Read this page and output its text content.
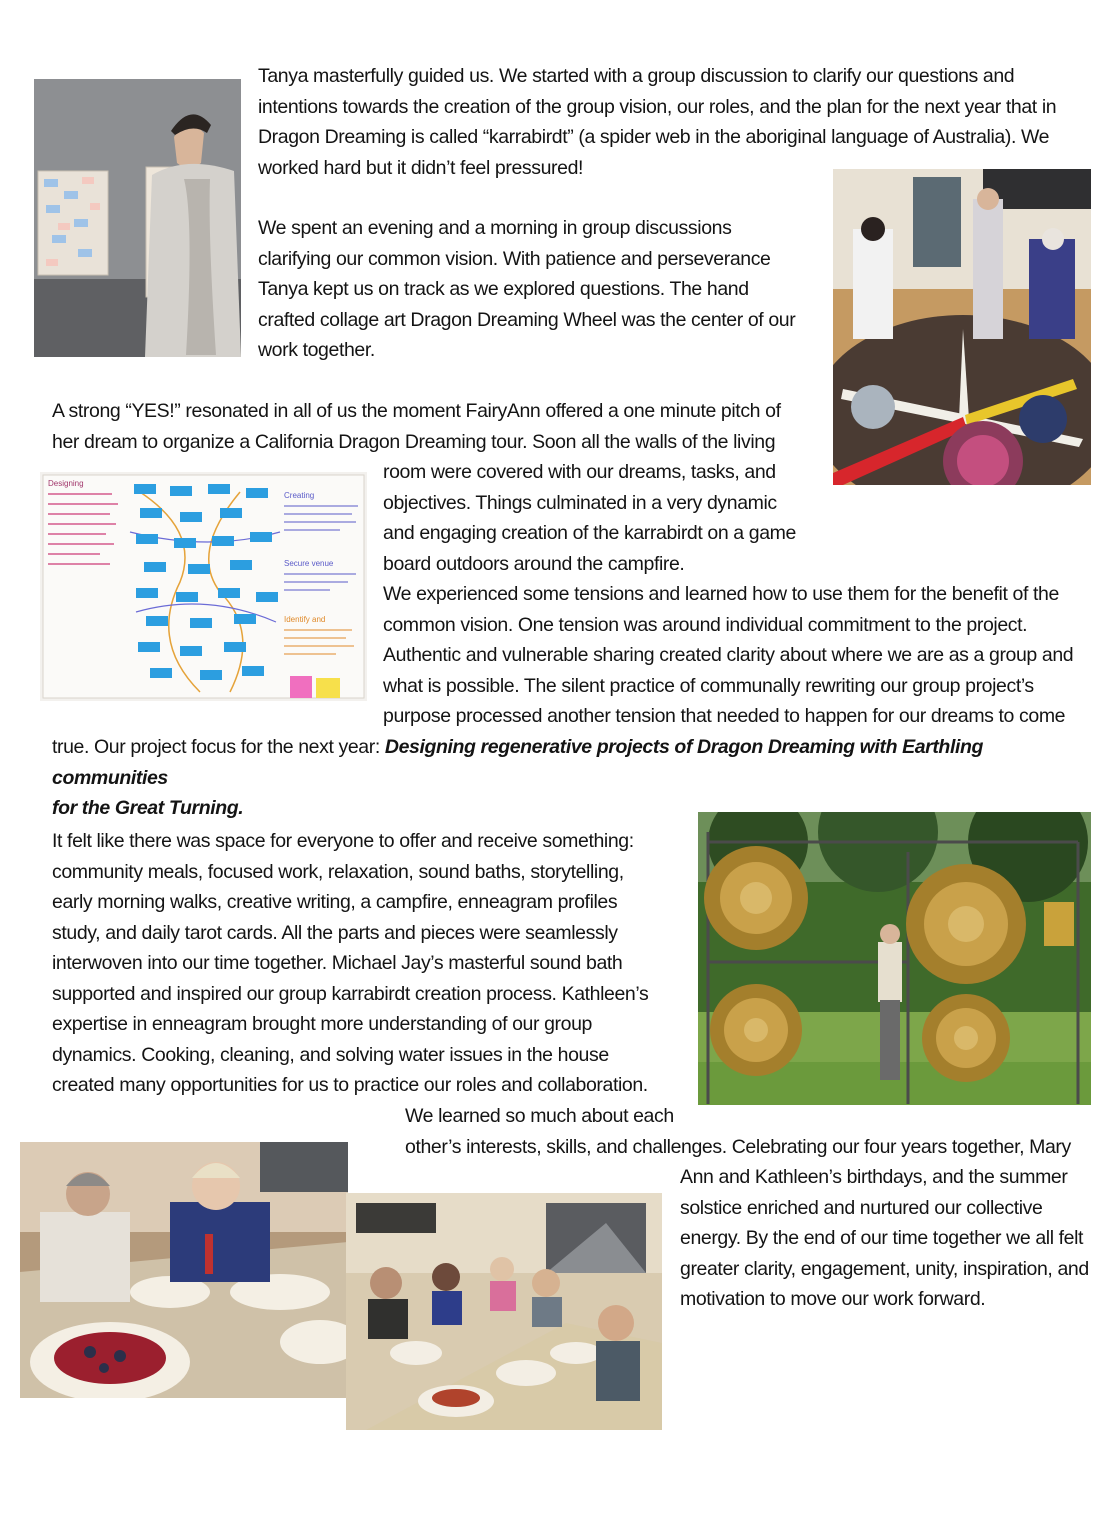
Designing
Creating
Secure venue
Identify and
Tanya masterfully guided us. We started with a group discussion to clarify our questions and
intentions towards the creation of the group vision, our roles, and the plan for the next year that in
Dragon Dreaming is called “karrabirdt” (a spider web in the aboriginal language of Australia). We
worked hard but it didn’t feel pressured!
We spent an evening and a morning in group discussions
clarifying our common vision. With patience and perseverance
Tanya kept us on track as we explored questions. The hand
crafted collage art Dragon Dreaming Wheel was the center of our
work together.
A strong “YES!” resonated in all of us the moment FairyAnn offered a one minute pitch of
her dream to organize a California Dragon Dreaming tour. Soon all the walls of the living
room were covered with our dreams, tasks, and
objectives. Things culminated in a very dynamic
and engaging creation of the karrabirdt on a game
board outdoors around the campfire.
We experienced some tensions and learned how to use them for the benefit of the
common vision. One tension was around individual commitment to the project.
Authentic and vulnerable sharing created clarity about where we are as a group and
what is possible. The silent practice of communally rewriting our group project’s
purpose processed another tension that needed to happen for our dreams to come
true. Our project focus for the next year: Designing regenerative projects of Dragon Dreaming with Earthling communities
for the Great Turning.
It felt like there was space for everyone to offer and receive something:
community meals, focused work, relaxation, sound baths, storytelling,
early morning walks, creative writing, a campfire, enneagram profiles
study, and daily tarot cards. All the parts and pieces were seamlessly
interwoven into our time together. Michael Jay’s masterful sound bath
supported and inspired our group karrabirdt creation process. Kathleen’s
expertise in enneagram brought more understanding of our group
dynamics. Cooking, cleaning, and solving water issues in the house
created many opportunities for us to practice our roles and collaboration.
We learned so much about each
other’s interests, skills, and challenges. Celebrating our four years together, Mary
Ann and Kathleen’s birthdays, and the summer
solstice enriched and nurtured our collective
energy. By the end of our time together we all felt
greater clarity, engagement, unity, inspiration, and
motivation to move our work forward.
